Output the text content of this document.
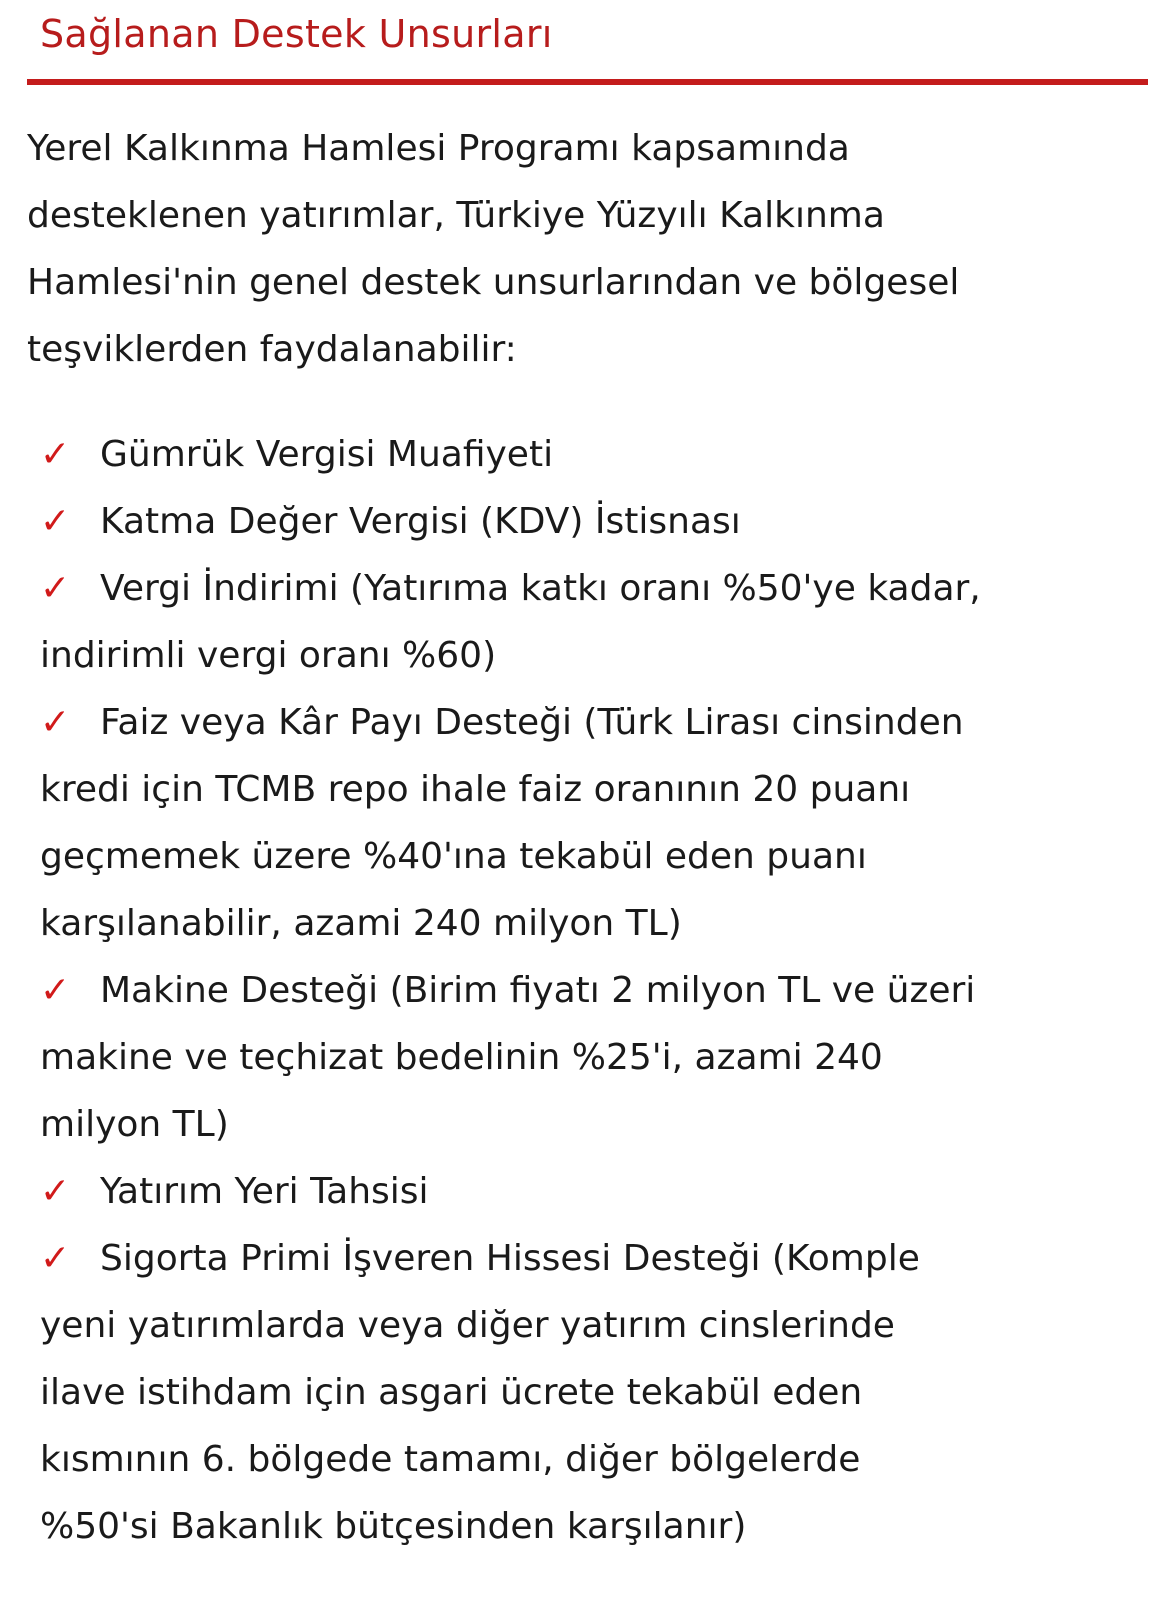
Sağlanan Destek Unsurları

Yerel Kalkınma Hamlesi Programı kapsamında
desteklenen yatırımlar, Türkiye Yüzyılı Kalkınma
Hamlesi'nin genel destek unsurlarından ve bölgesel
teşviklerden faydalanabilir:

✓ Gümrük Vergisi Muafiyeti
✓ Katma Değer Vergisi (KDV) İstisnası
✓ Vergi İndirimi (Yatırıma katkı oranı %50'ye kadar,
indirimli vergi oranı %60)
✓ Faiz veya Kâr Payı Desteği (Türk Lirası cinsinden
kredi için TCMB repo ihale faiz oranının 20 puanı
geçmemek üzere %40'ına tekabül eden puanı
karşılanabilir, azami 240 milyon TL)
✓ Makine Desteği (Birim fiyatı 2 milyon TL ve üzeri
makine ve teçhizat bedelinin %25'i, azami 240
milyon TL)
✓ Yatırım Yeri Tahsisi
✓ Sigorta Primi İşveren Hissesi Desteği (Komple
yeni yatırımlarda veya diğer yatırım cinslerinde
ilave istihdam için asgari ücrete tekabül eden
kısmının 6. bölgede tamamı, diğer bölgelerde
%50'si Bakanlık bütçesinden karşılanır)
